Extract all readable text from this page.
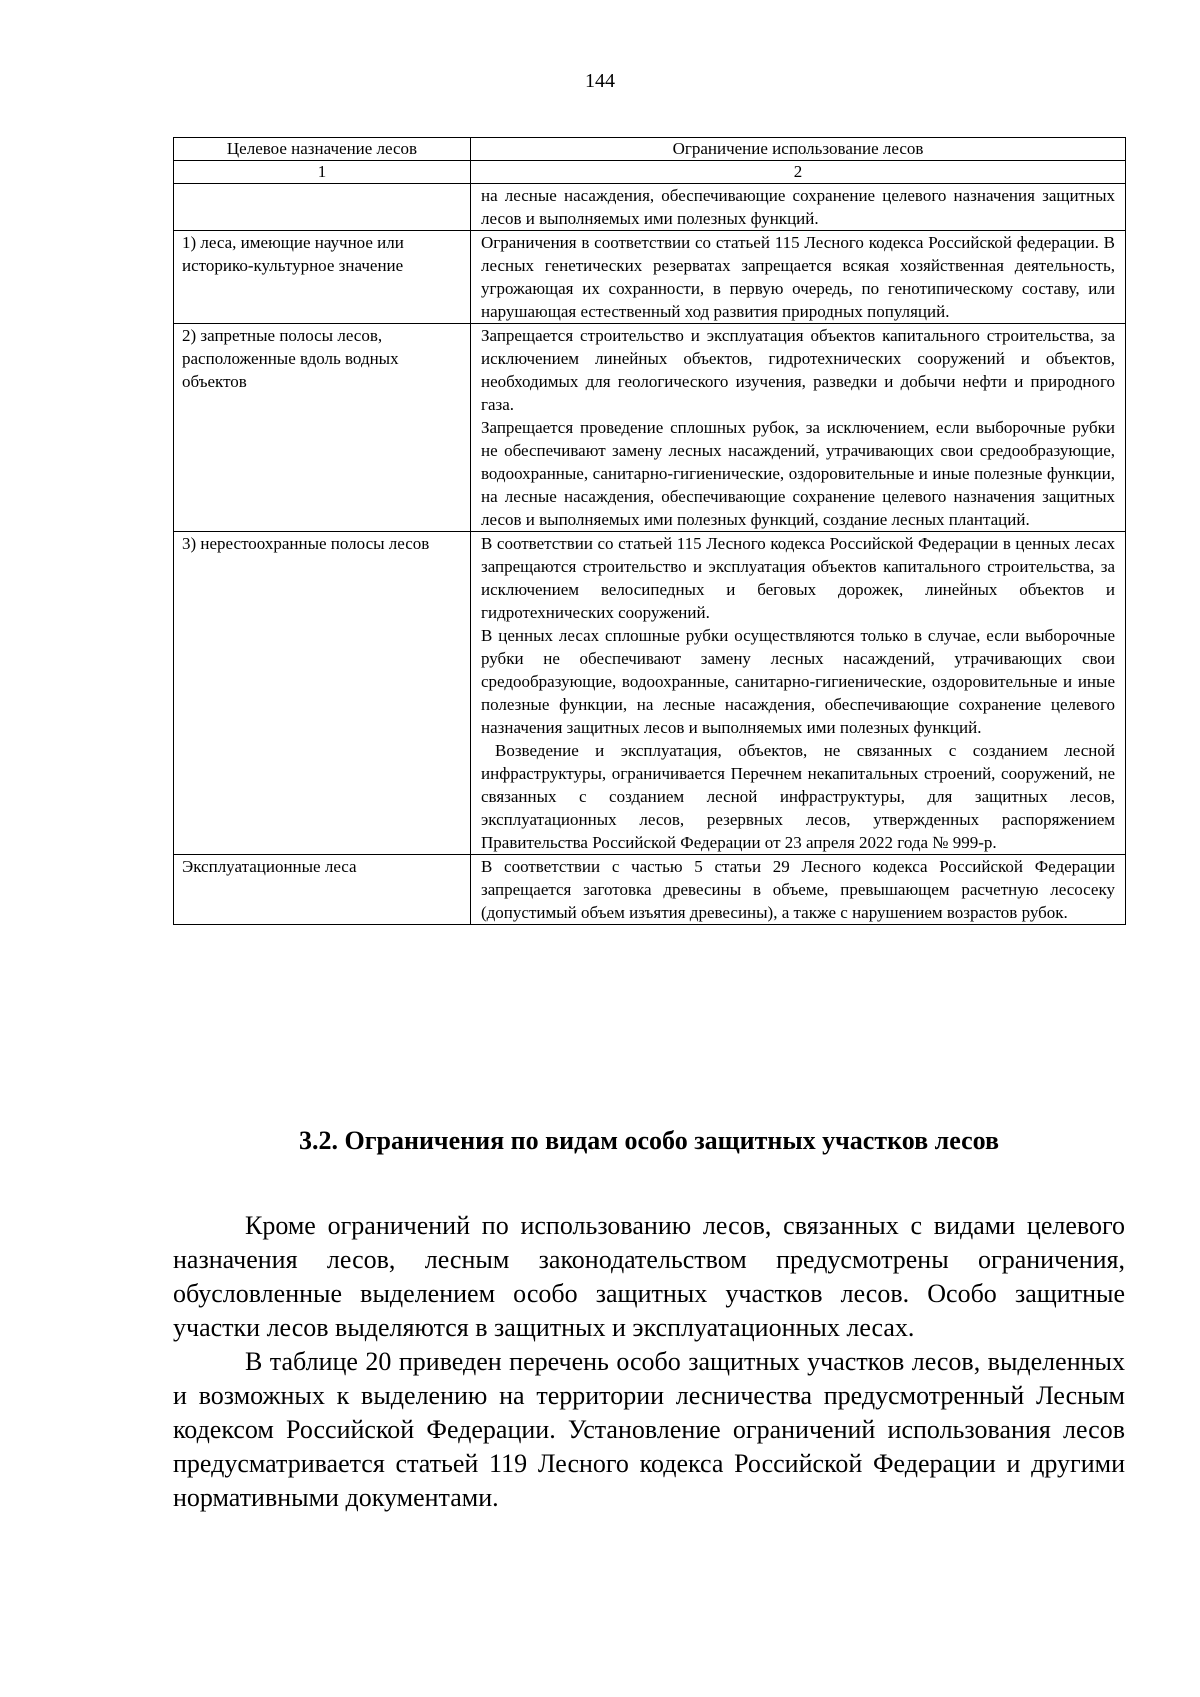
144
Целевое назначение лесов	Ограничение использование лесов
1	2

	на лесные насаждения, обеспечивающие сохранение целевого назначения защитных лесов и выполняемых ими полезных функций.

1) леса, имеющие научное или историко-культурное значение	Ограничения в соответствии со статьей 115 Лесного кодекса Российской федерации. В лесных генетических резерватах запрещается всякая хозяйственная деятельность, угрожающая их сохранности, в первую очередь, по генотипическому составу, или нарушающая естественный ход развития природных популяций.

2) запретные полосы лесов, расположенные вдоль водных объектов	Запрещается строительство и эксплуатация объектов капитального строительства, за исключением линейных объектов, гидротехнических сооружений и объектов, необходимых для геологического изучения, разведки и добычи нефти и природного газа.

Запрещается проведение сплошных рубок, за исключением, если выборочные рубки не обеспечивают замену лесных насаждений, утрачивающих свои средообразующие, водоохранные, санитарно-гигиенические, оздоровительные и иные полезные функции, на лесные насаждения, обеспечивающие сохранение целевого назначения защитных лесов и выполняемых ими полезных функций, создание лесных плантаций.

3) нерестоохранные полосы лесов	В соответствии со статьей 115 Лесного кодекса Российской Федерации в ценных лесах запрещаются строительство и эксплуатация объектов капитального строительства, за исключением велосипедных и беговых дорожек, линейных объектов и гидротехнических сооружений.

В ценных лесах сплошные рубки осуществляются только в случае, если выборочные рубки не обеспечивают замену лесных насаждений, утрачивающих свои средообразующие, водоохранные, санитарно-гигиенические, оздоровительные и иные полезные функции, на лесные насаждения, обеспечивающие сохранение целевого назначения защитных лесов и выполняемых ими полезных функций.

Возведение и эксплуатация, объектов, не связанных с созданием лесной инфраструктуры, ограничивается Перечнем некапитальных строений, сооружений, не связанных с созданием лесной инфраструктуры, для защитных лесов, эксплуатационных лесов, резервных лесов, утвержденных распоряжением Правительства Российской Федерации от 23 апреля 2022 года № 999-р.

Эксплуатационные леса	В соответствии с частью 5 статьи 29 Лесного кодекса Российской Федерации запрещается заготовка древесины в объеме, превышающем расчетную лесосеку (допустимый объем изъятия древесины), а также с нарушением возрастов рубок.

3.2. Ограничения по видам особо защитных участков лесов

Кроме ограничений по использованию лесов, связанных с видами целевого назначения лесов, лесным законодательством предусмотрены ограничения, обусловленные выделением особо защитных участков лесов. Особо защитные участки лесов выделяются в защитных и эксплуатационных лесах.

В таблице 20 приведен перечень особо защитных участков лесов, выделенных и возможных к выделению на территории лесничества предусмотренный Лесным кодексом Российской Федерации. Установление ограничений использования лесов предусматривается статьей 119 Лесного кодекса Российской Федерации и другими нормативными документами.
